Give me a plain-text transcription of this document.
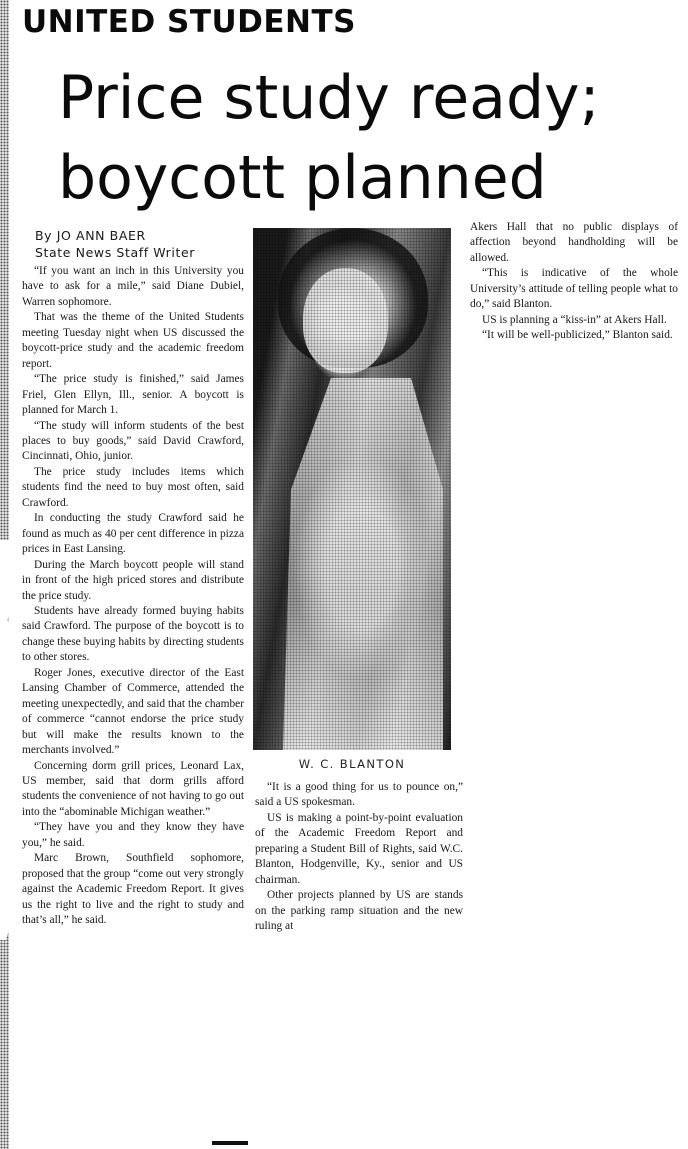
UNITED STUDENTS
Price study ready;
boycott planned
By JO ANN BAER
State News Staff Writer

“If you want an inch in this University you have to ask for a mile,” said Diane Dubiel, Warren sophomore.

That was the theme of the United Students meeting Tuesday night when US discussed the boycott-price study and the academic freedom report.

“The price study is finished,” said James Friel, Glen Ellyn, Ill., senior. A boycott is planned for March 1.

“The study will inform students of the best places to buy goods,” said David Crawford, Cincinnati, Ohio, junior.

The price study includes items which students find the need to buy most often, said Crawford.

In conducting the study Crawford said he found as much as 40 per cent difference in pizza prices in East Lansing.

During the March boycott people will stand in front of the high priced stores and distribute the price study.

Students have already formed buying habits said Crawford. The purpose of the boycott is to change these buying habits by directing students to other stores.

Roger Jones, executive director of the East Lansing Chamber of Commerce, attended the meeting unexpectedly, and said that the chamber of commerce “cannot endorse the price study but will make the results known to the merchants involved.”

Concerning dorm grill prices, Leonard Lax, US member, said that dorm grills afford students the convenience of not having to go out into the “abominable Michigan weather.”

“They have you and they know they have you,” he said.

Marc Brown, Southfield sophomore, proposed that the group “come out very strongly against the Academic Freedom Report. It gives us the right to live and the right to study and that’s all,” he said.

W. C. BLANTON

“It is a good thing for us to pounce on,” said a US spokesman.

US is making a point-by-point evaluation of the Academic Freedom Report and preparing a Student Bill of Rights, said W.C. Blanton, Hodgenville, Ky., senior and US chairman.

Other projects planned by US are stands on the parking ramp situation and the new ruling at

Akers Hall that no public displays of affection beyond handholding will be allowed.

“This is indicative of the whole University’s attitude of telling people what to do,” said Blanton.

US is planning a “kiss-in” at Akers Hall.

“It will be well-publicized,” Blanton said.
